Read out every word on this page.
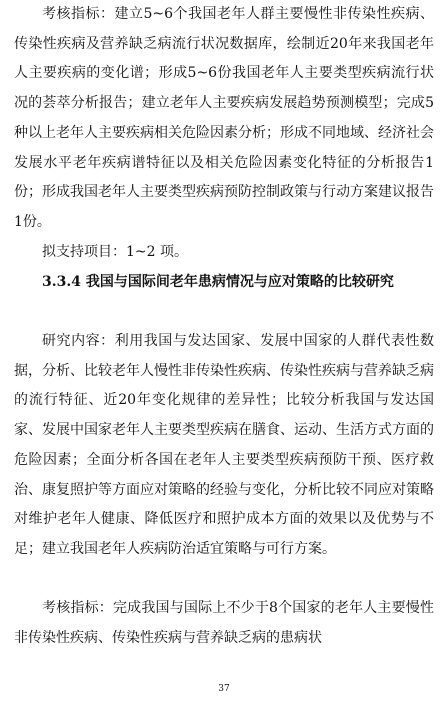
考核指标：建立5~6个我国老年人群主要慢性非传染性疾病、传染性疾病及营养缺乏病流行状况数据库，绘制近20年来我国老年人主要疾病的变化谱；形成5~6份我国老年人主要类型疾病流行状况的荟萃分析报告；建立老年人主要疾病发展趋势预测模型；完成5种以上老年人主要疾病相关危险因素分析；形成不同地域、经济社会发展水平老年疾病谱特征以及相关危险因素变化特征的分析报告1份；形成我国老年人主要类型疾病预防控制政策与行动方案建议报告1份。

拟支持项目：1~2 项。

3.3.4 我国与国际间老年患病情况与应对策略的比较研究

研究内容：利用我国与发达国家、发展中国家的人群代表性数据，分析、比较老年人慢性非传染性疾病、传染性疾病与营养缺乏病的流行特征、近20年变化规律的差异性；比较分析我国与发达国家、发展中国家老年人主要类型疾病在膳食、运动、生活方式方面的危险因素；全面分析各国在老年人主要类型疾病预防干预、医疗救治、康复照护等方面应对策略的经验与变化，分析比较不同应对策略对维护老年人健康、降低医疗和照护成本方面的效果以及优势与不足；建立我国老年人疾病防治适宜策略与可行方案。

考核指标：完成我国与国际上不少于8个国家的老年人主要慢性非传染性疾病、传染性疾病与营养缺乏病的患病状

37
